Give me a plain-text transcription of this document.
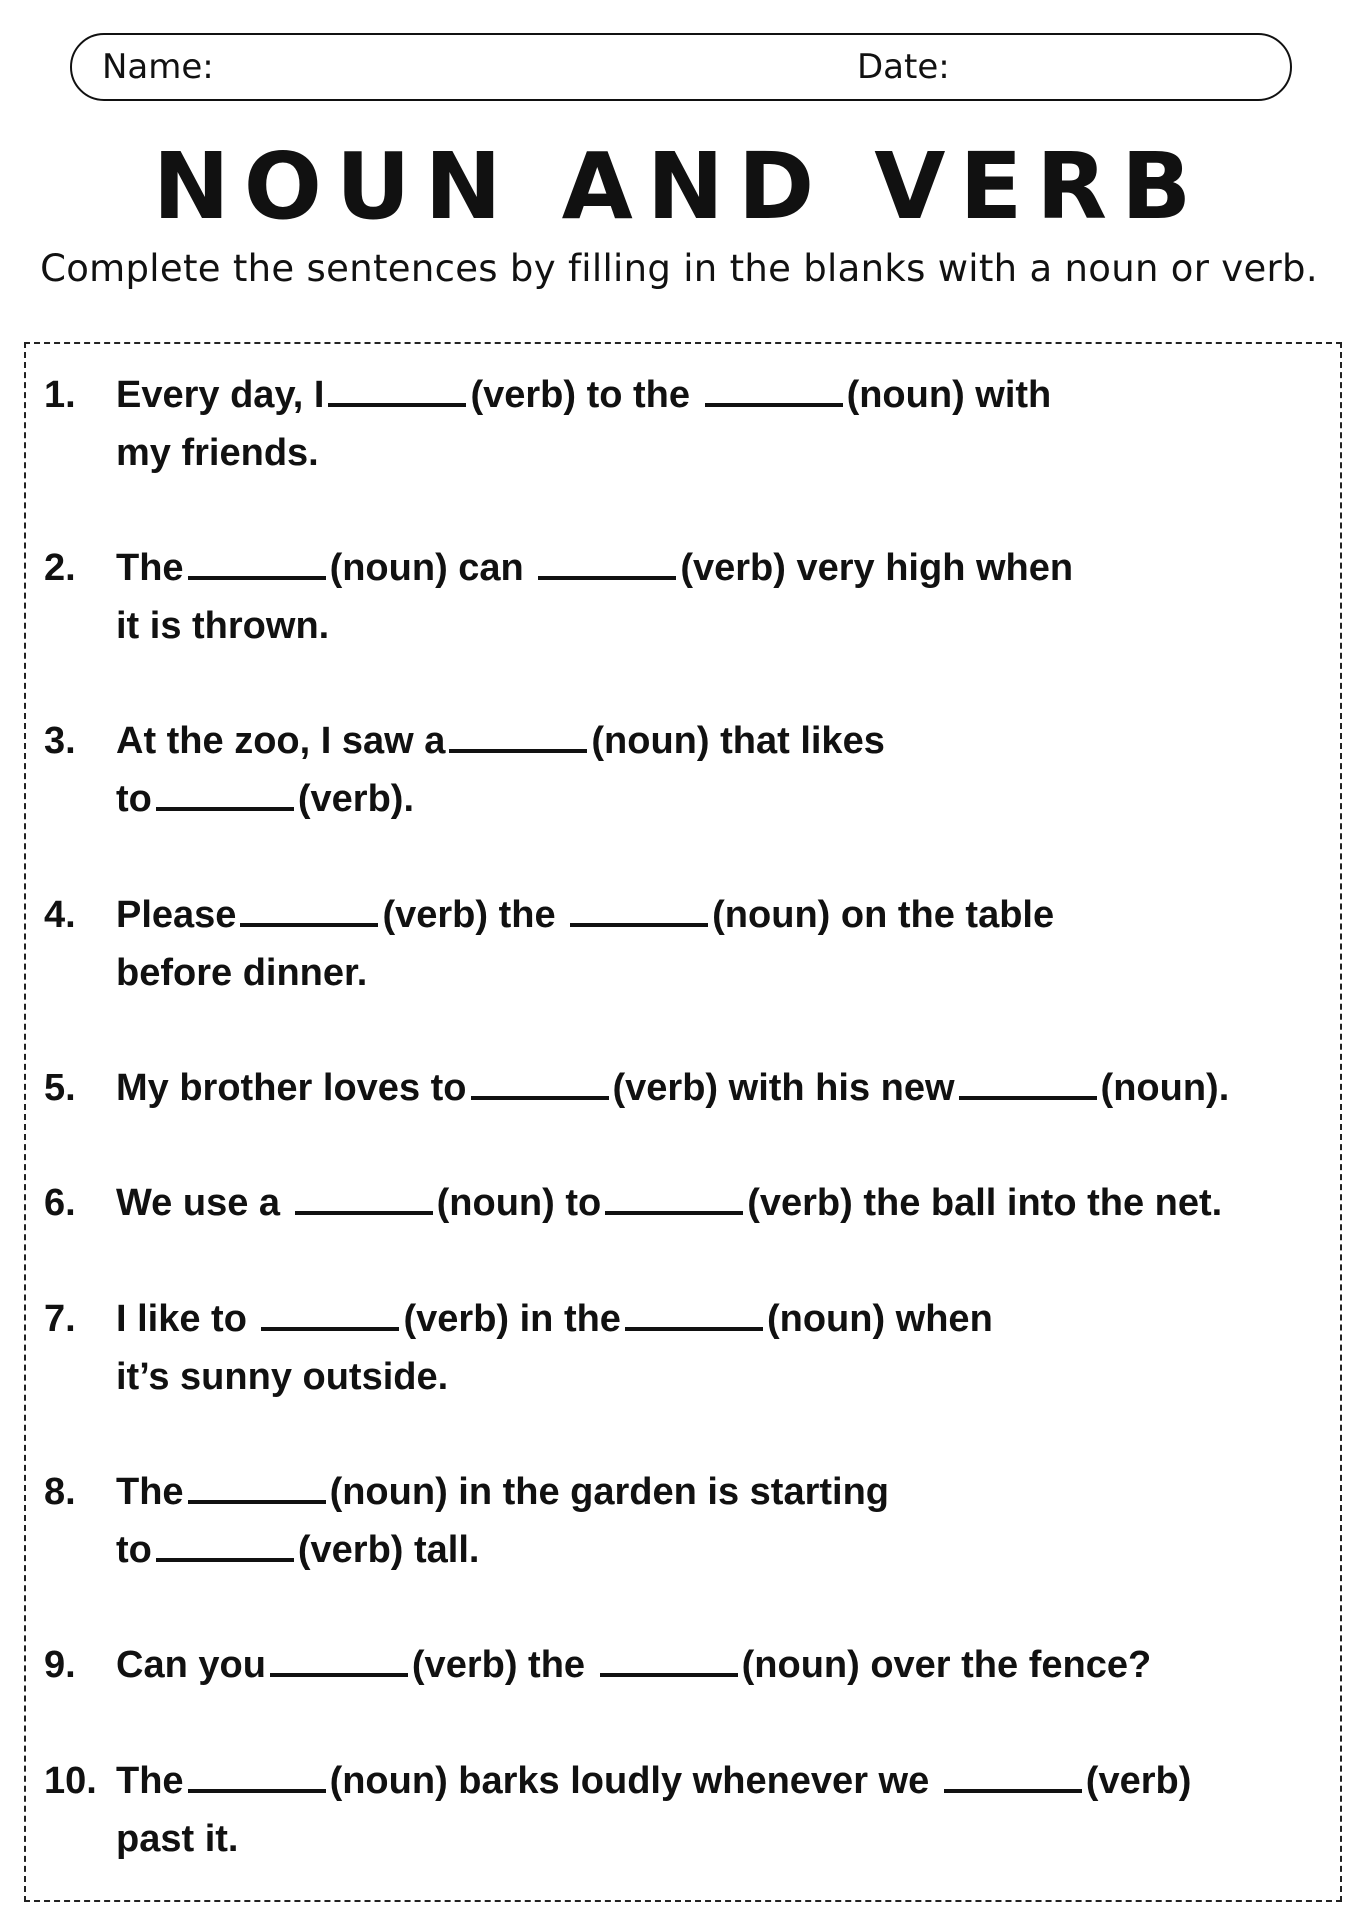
Name:	Date:
NOUN AND VERB
Complete the sentences by filling in the blanks with a noun or verb.
1.	Every day, I	(verb) to the	(noun) with
my friends.
2.	The	(noun) can	(verb) very high when
it is thrown.
3.	At the zoo, I saw a	(noun) that likes
to	(verb).
4.	Please	(verb) the	(noun) on the table
before dinner.
5.	My brother loves to	(verb) with his new	(noun).
6.	We use a	(noun) to	(verb) the ball into the net.
7.	I like to	(verb) in the	(noun) when
it’s sunny outside.
8.	The	(noun) in the garden is starting
to	(verb) tall.
9.	Can you	(verb) the	(noun) over the fence?
10. The	(noun) barks loudly whenever we	(verb)
past it.
